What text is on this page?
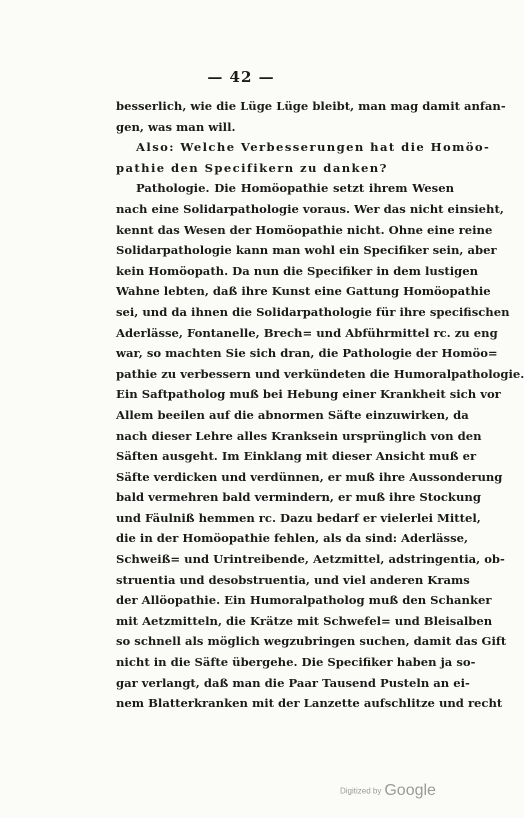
— 42 —
besserlich, wie die Lüge Lüge bleibt, man mag damit anfan-
gen, was man will.
Also: Welche Verbesserungen hat die Homöo-
pathie den Specifikern zu danken?
Pathologie. Die Homöopathie setzt ihrem Wesen
nach eine Solidarpathologie voraus. Wer das nicht einsieht,
kennt das Wesen der Homöopathie nicht. Ohne eine reine
Solidarpathologie kann man wohl ein Specifiker sein, aber
kein Homöopath. Da nun die Specifiker in dem lustigen
Wahne lebten, daß ihre Kunst eine Gattung Homöopathie
sei, und da ihnen die Solidarpathologie für ihre specifischen
Aderlässe, Fontanelle, Brech= und Abführmittel rc. zu eng
war, so machten Sie sich dran, die Pathologie der Homöo=
pathie zu verbessern und verkündeten die Humoralpathologie.
Ein Saftpatholog muß bei Hebung einer Krankheit sich vor
Allem beeilen auf die abnormen Säfte einzuwirken, da
nach dieser Lehre alles Kranksein ursprünglich von den
Säften ausgeht. Im Einklang mit dieser Ansicht muß er
Säfte verdicken und verdünnen, er muß ihre Aussonderung
bald vermehren bald vermindern, er muß ihre Stockung
und Fäulniß hemmen rc. Dazu bedarf er vielerlei Mittel,
die in der Homöopathie fehlen, als da sind: Aderlässe,
Schweiß= und Urintreibende, Aetzmittel, adstringentia, ob-
struentia und desobstruentia, und viel anderen Krams
der Allöopathie. Ein Humoralpatholog muß den Schanker
mit Aetzmitteln, die Krätze mit Schwefel= und Bleisalben
so schnell als möglich wegzubringen suchen, damit das Gift
nicht in die Säfte übergehe. Die Specifiker haben ja so-
gar verlangt, daß man die Paar Tausend Pusteln an ei-
nem Blatterkranken mit der Lanzette aufschlitze und recht
Digitized by Google
